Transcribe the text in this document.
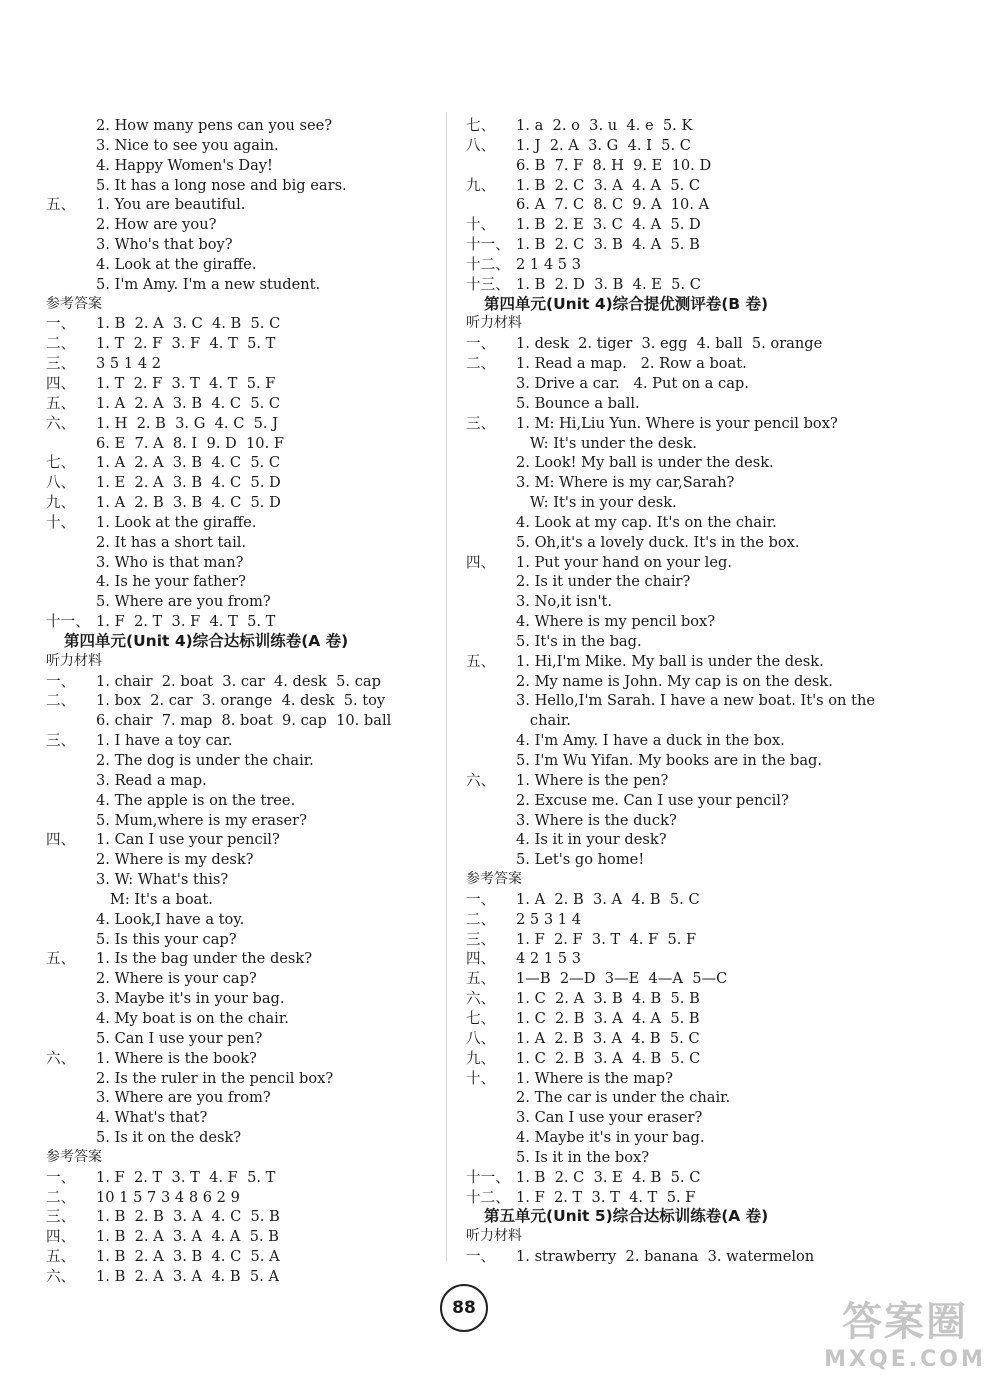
2. How many pens can you see?
3. Nice to see you again.
4. Happy Women's Day!
5. It has a long nose and big ears.
五、	1. You are beautiful.
2. How are you?
3. Who's that boy?
4. Look at the giraffe.
5. I'm Amy. I'm a new student.
参考答案
一、	1. B  2. A  3. C  4. B  5. C
二、	1. T  2. F  3. F  4. T  5. T
三、	3 5 1 4 2
四、	1. T  2. F  3. T  4. T  5. F
五、	1. A  2. A  3. B  4. C  5. C
六、	1. H  2. B  3. G  4. C  5. J
6. E  7. A  8. I  9. D  10. F
七、	1. A  2. A  3. B  4. C  5. C
八、	1. E  2. A  3. B  4. C  5. D
九、	1. A  2. B  3. B  4. C  5. D
十、	1. Look at the giraffe.
2. It has a short tail.
3. Who is that man?
4. Is he your father?
5. Where are you from?
十一、 1. F  2. T  3. F  4. T  5. T
第四单元(Unit 4)综合达标训练卷(A 卷)
听力材料
一、	1. chair  2. boat  3. car  4. desk  5. cap
二、	1. box  2. car  3. orange  4. desk  5. toy
6. chair  7. map  8. boat  9. cap  10. ball
三、	1. I have a toy car.
2. The dog is under the chair.
3. Read a map.
4. The apple is on the tree.
5. Mum,where is my eraser?
四、	1. Can I use your pencil?
2. Where is my desk?
3. W: What's this?
M: It's a boat.
4. Look,I have a toy.
5. Is this your cap?
五、	1. Is the bag under the desk?
2. Where is your cap?
3. Maybe it's in your bag.
4. My boat is on the chair.
5. Can I use your pen?
六、	1. Where is the book?
2. Is the ruler in the pencil box?
3. Where are you from?
4. What's that?
5. Is it on the desk?
参考答案
一、	1. F  2. T  3. T  4. F  5. T
二、	10 1 5 7 3 4 8 6 2 9
三、	1. B  2. B  3. A  4. C  5. B
四、	1. B  2. A  3. A  4. A  5. B
五、	1. B  2. A  3. B  4. C  5. A
六、	1. B  2. A  3. A  4. B  5. A
七、	1. a  2. o  3. u  4. e  5. K
八、	1. J  2. A  3. G  4. I  5. C
6. B  7. F  8. H  9. E  10. D
九、	1. B  2. C  3. A  4. A  5. C
6. A  7. C  8. C  9. A  10. A
十、	1. B  2. E  3. C  4. A  5. D
十一、 1. B  2. C  3. B  4. A  5. B
十二、 2 1 4 5 3
十三、 1. B  2. D  3. B  4. E  5. C
第四单元(Unit 4)综合提优测评卷(B 卷)
听力材料
一、	1. desk  2. tiger  3. egg  4. ball  5. orange
二、	1. Read a map.   2. Row a boat.
3. Drive a car.   4. Put on a cap.
5. Bounce a ball.
三、	1. M: Hi,Liu Yun. Where is your pencil box?
W: It's under the desk.
2. Look! My ball is under the desk.
3. M: Where is my car,Sarah?
W: It's in your desk.
4. Look at my cap. It's on the chair.
5. Oh,it's a lovely duck. It's in the box.
四、	1. Put your hand on your leg.
2. Is it under the chair?
3. No,it isn't.
4. Where is my pencil box?
5. It's in the bag.
五、	1. Hi,I'm Mike. My ball is under the desk.
2. My name is John. My cap is on the desk.
3. Hello,I'm Sarah. I have a new boat. It's on the
chair.
4. I'm Amy. I have a duck in the box.
5. I'm Wu Yifan. My books are in the bag.
六、	1. Where is the pen?
2. Excuse me. Can I use your pencil?
3. Where is the duck?
4. Is it in your desk?
5. Let's go home!
参考答案
一、	1. A  2. B  3. A  4. B  5. C
二、	2 5 3 1 4
三、	1. F  2. F  3. T  4. F  5. F
四、	4 2 1 5 3
五、	1—B  2—D  3—E  4—A  5—C
六、	1. C  2. A  3. B  4. B  5. B
七、	1. C  2. B  3. A  4. A  5. B
八、	1. A  2. B  3. A  4. B  5. C
九、	1. C  2. B  3. A  4. B  5. C
十、	1. Where is the map?
2. The car is under the chair.
3. Can I use your eraser?
4. Maybe it's in your bag.
5. Is it in the box?
十一、 1. B  2. C  3. E  4. B  5. C
十二、 1. F  2. T  3. T  4. T  5. F
第五单元(Unit 5)综合达标训练卷(A 卷)
听力材料
一、	1. strawberry  2. banana  3. watermelon
88	答案圈
MXQE.COM
